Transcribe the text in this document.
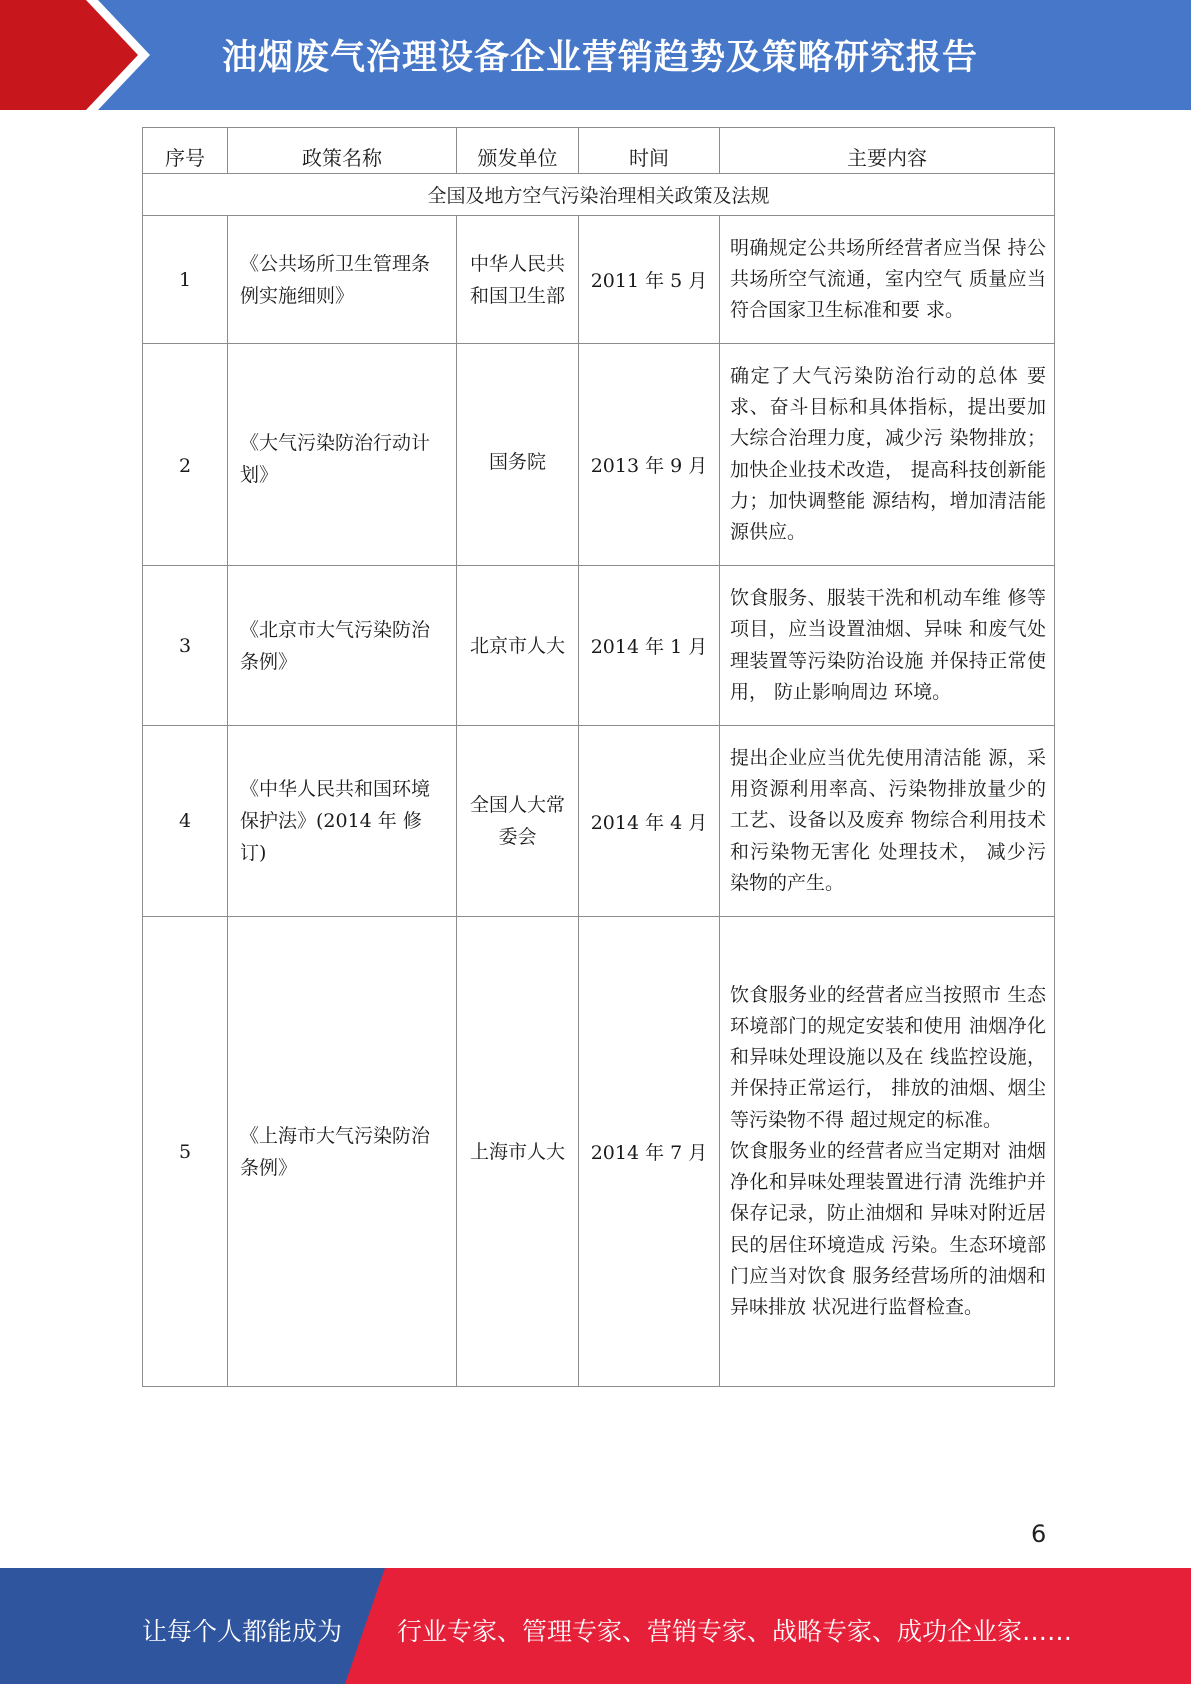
油烟废气治理设备企业营销趋势及策略研究报告
序号	政策名称	颁发单位	时间	主要内容
全国及地方空气污染治理相关政策及法规				
1	《公共场所卫生管理条例实施细则》	中华人民共和国卫生部	2011 年 5 月	明确规定公共场所经营者应当保 持公共场所空气流通，室内空气 质量应当符合国家卫生标准和要 求。
2	《大气污染防治行动计划》	国务院	2013 年 9 月	确定了大气污染防治行动的总体 要求、奋斗目标和具体指标，提出要加大综合治理力度，减少污 染物排放；加快企业技术改造， 提高科技创新能力；加快调整能 源结构，增加清洁能源供应。
3	《北京市大气污染防治条例》	北京市人大	2014 年 1 月	饮食服务、服装干洗和机动车维 修等项目，应当设置油烟、异味 和废气处理装置等污染防治设施 并保持正常使用， 防止影响周边 环境。
4	《中华人民共和国环境保护法》(2014 年 修订)	全国人大常委会	2014 年 4 月	提出企业应当优先使用清洁能 源，采用资源利用率高、污染物排放量少的工艺、设备以及废弃 物综合利用技术和污染物无害化 处理技术， 减少污染物的产生。
5	《上海市大气污染防治条例》	上海市人大	2014 年 7 月	饮食服务业的经营者应当按照市 生态环境部门的规定安装和使用 油烟净化和异味处理设施以及在 线监控设施，并保持正常运行， 排放的油烟、烟尘等污染物不得 超过规定的标准。
饮食服务业的经营者应当定期对 油烟净化和异味处理装置进行清 洗维护并保存记录，防止油烟和 异味对附近居民的居住环境造成 污染。生态环境部门应当对饮食 服务经营场所的油烟和异味排放 状况进行监督检查。
6
让每个人都能成为 行业专家、管理专家、营销专家、战略专家、成功企业家……
